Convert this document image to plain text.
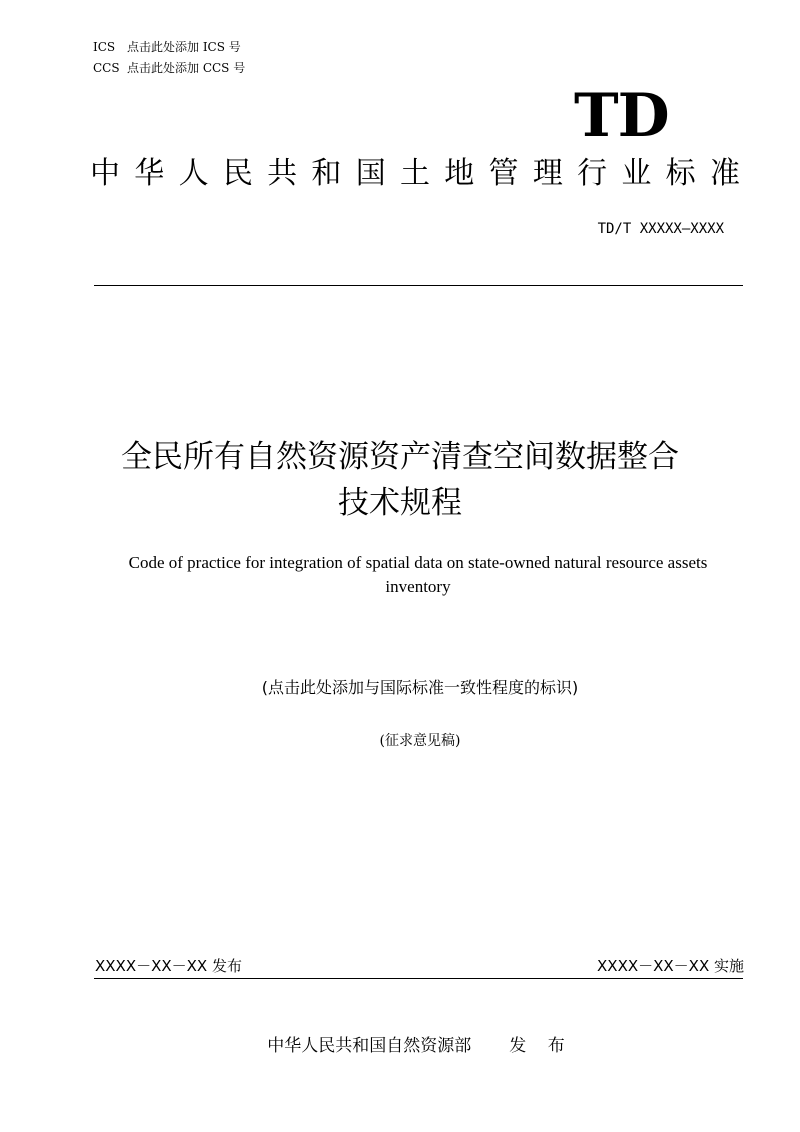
ICS 点击此处添加 ICS 号
CCS 点击此处添加 CCS 号
TD
中 华 人 民 共 和 国 土 地 管 理 行 业 标 准
TD/T XXXXX—XXXX
全民所有自然资源资产清查空间数据整合
技术规程
Code of practice for integration of spatial data on state-owned natural resource assets
inventory
(点击此处添加与国际标准一致性程度的标识)
(征求意见稿)
XXXX－XX－XX 发布	XXXX－XX－XX 实施
中华人民共和国自然资源部 发 布
